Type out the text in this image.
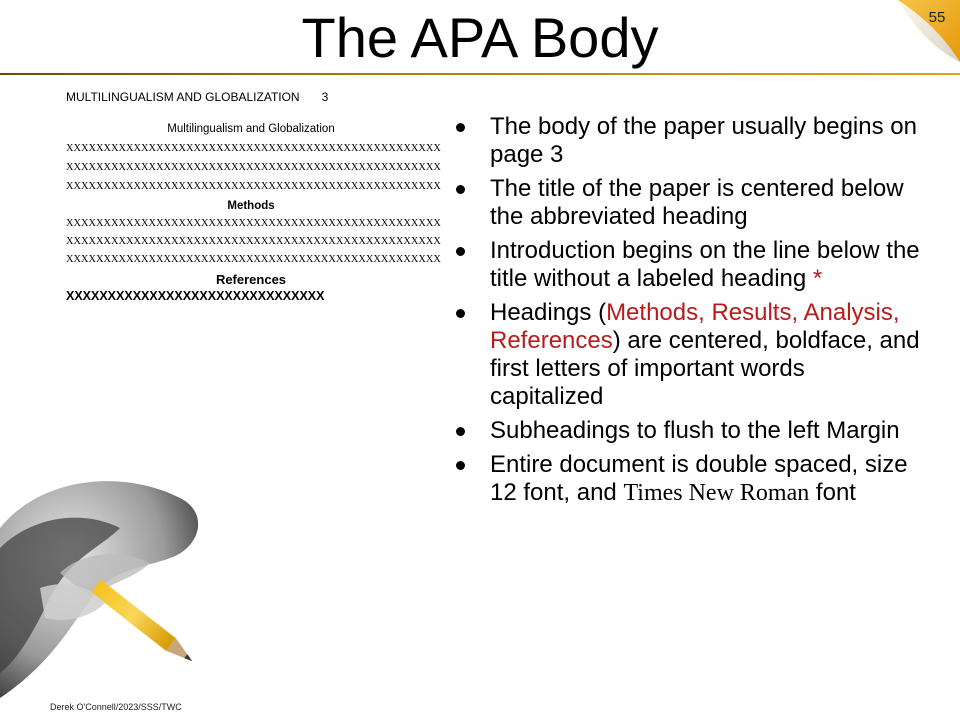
The APA Body	55
MULTILINGUALISM AND GLOBALIZATION 3
Multilingualism and Globalization
XXXXXXXXXXXXXXXXXXXXXXXXXXXXXXXXXXXXXXXXXXXXXXXXXX
XXXXXXXXXXXXXXXXXXXXXXXXXXXXXXXXXXXXXXXXXXXXXXXXXX
XXXXXXXXXXXXXXXXXXXXXXXXXXXXXXXXXXXXXXXXXXXXXXXXXX
Methods
XXXXXXXXXXXXXXXXXXXXXXXXXXXXXXXXXXXXXXXXXXXXXXXXXX
XXXXXXXXXXXXXXXXXXXXXXXXXXXXXXXXXXXXXXXXXXXXXXXXXX
XXXXXXXXXXXXXXXXXXXXXXXXXXXXXXXXXXXXXXXXXXXXXXXXXX
References
XXXXXXXXXXXXXXXXXXXXXXXXXXXXXXX
The body of the paper usually begins on page 3
The title of the paper is centered below the abbreviated heading
Introduction begins on the line below the title without a labeled heading *
Headings (Methods, Results, Analysis, References) are centered, boldface, and first letters of important words capitalized
Subheadings to flush to the left Margin
Entire document is double spaced, size 12 font, and Times New Roman font
Derek O'Connell/2023/SSS/TWC
